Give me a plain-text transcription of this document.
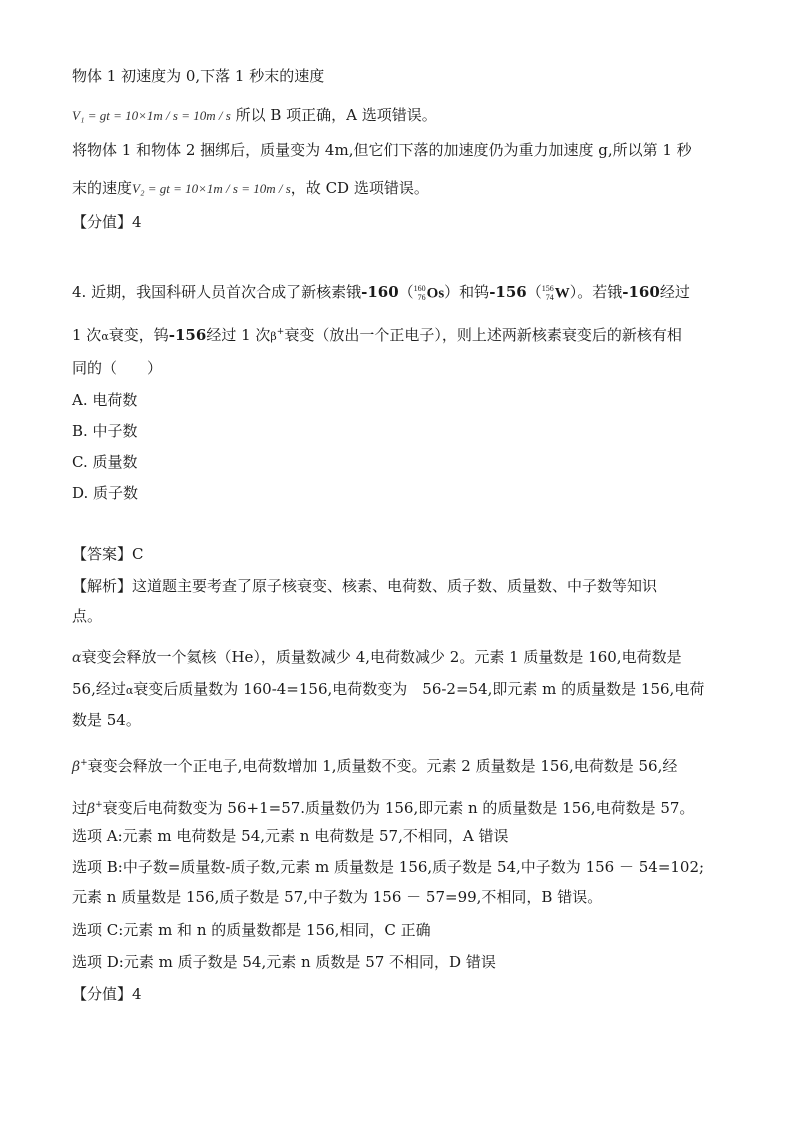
物体 1 初速度为 0,下落 1 秒末的速度
V₁ = gt = 10×1m / s = 10m / s 所以 B 项正确，A 选项错误。
将物体 1 和物体 2 捆绑后，质量变为 4m,但它们下落的加速度仍为重力加速度 g,所以第 1 秒
末的速度V₂ = gt = 10×1m / s = 10m / s，故 CD 选项错误。
【分值】4
4. 近期，我国科研人员首次合成了新核素锇-160（ 160
76 Os）和钨-156（ 156
74 W）。若锇-160经过
1 次α衰变，钨-156经过 1 次β+衰变（放出一个正电子），则上述两新核素衰变后的新核有相
同的（　　）
A. 电荷数
B. 中子数
C. 质量数
D. 质子数
【答案】C
【解析】这道题主要考查了原子核衰变、核素、电荷数、质子数、质量数、中子数等知识
点。
α衰变会释放一个氦核（He），质量数减少 4,电荷数减少 2。元素 1 质量数是 160,电荷数是
56,经过α衰变后质量数为 160-4=156,电荷数变为　56-2=54,即元素 m 的质量数是 156,电荷
数是 54。
β+衰变会释放一个正电子,电荷数增加 1,质量数不变。元素 2 质量数是 156,电荷数是 56,经
过β+衰变后电荷数变为 56+1=57.质量数仍为 156,即元素 n 的质量数是 156,电荷数是 57。
选项 A:元素 m 电荷数是 54,元素 n 电荷数是 57,不相同，A 错误
选项 B:中子数=质量数-质子数,元素 m 质量数是 156,质子数是 54,中子数为 156 － 54=102;
元素 n 质量数是 156,质子数是 57,中子数为 156 － 57=99,不相同，B 错误。
选项 C:元素 m 和 n 的质量数都是 156,相同，C 正确
选项 D:元素 m 质子数是 54,元素 n 质数是 57 不相同，D 错误
【分值】4
